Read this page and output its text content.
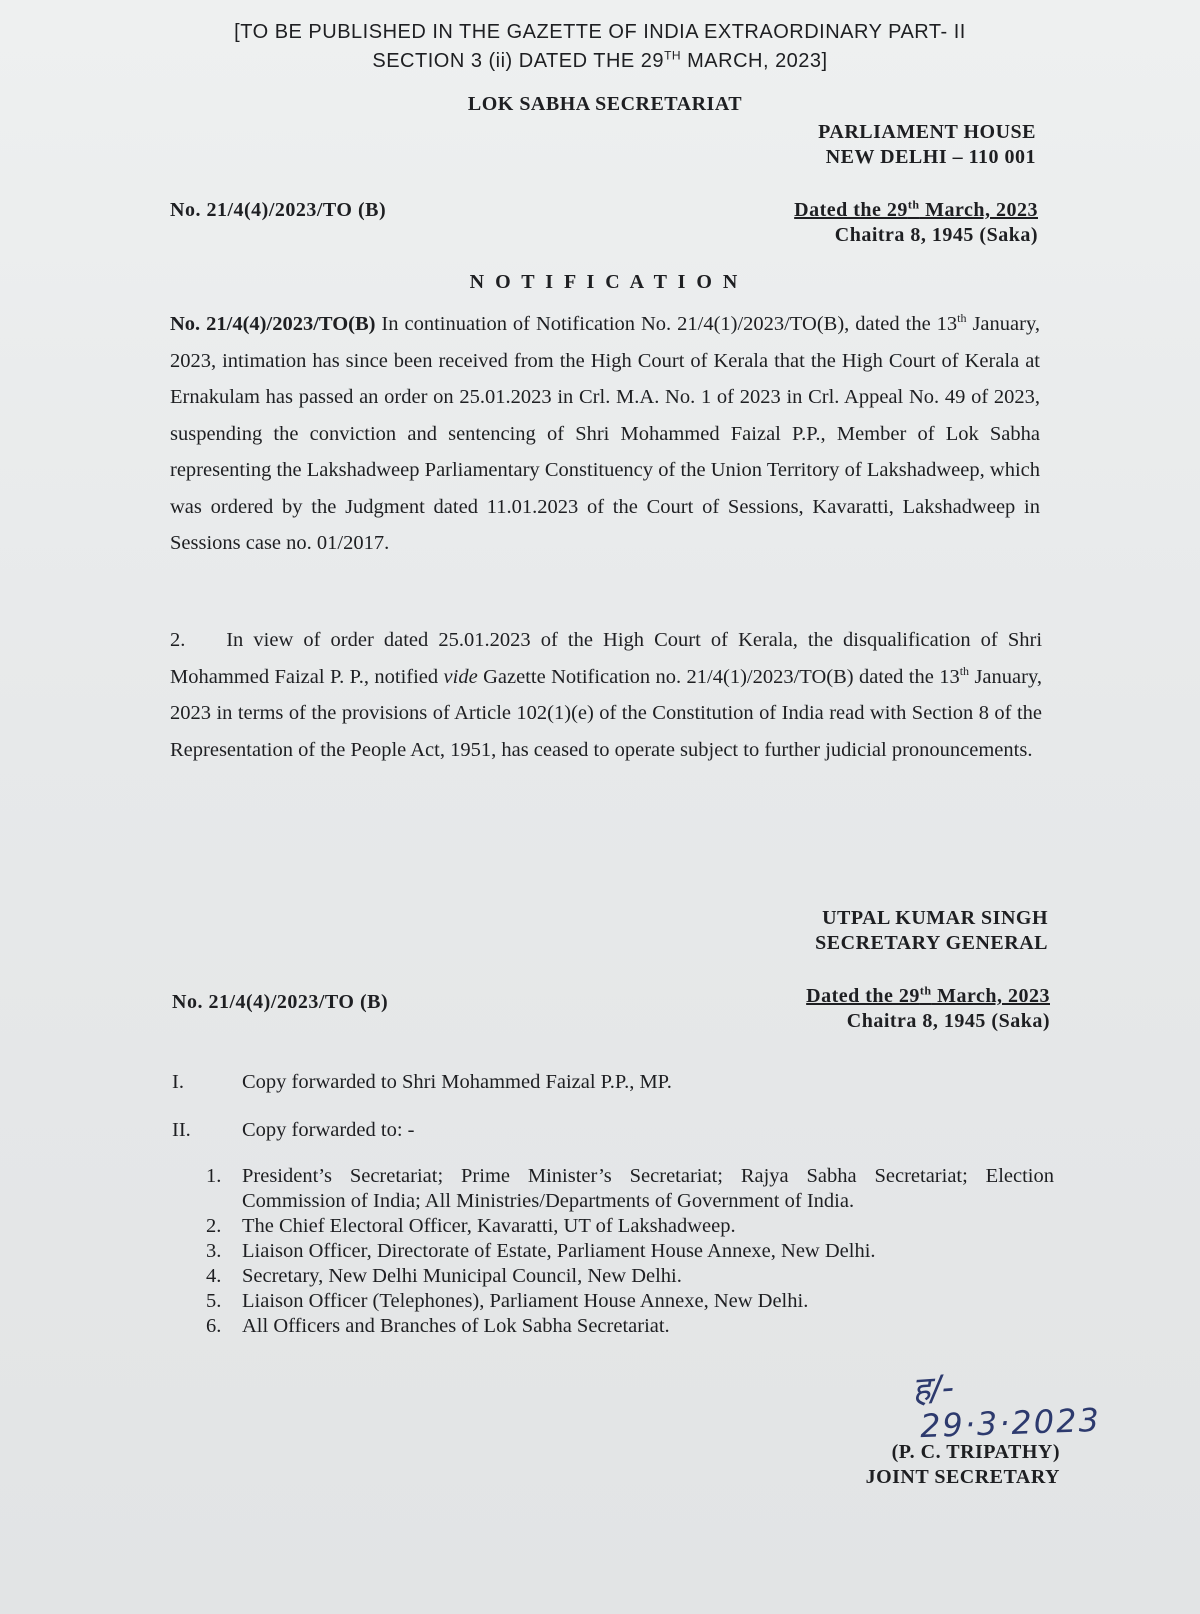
[TO BE PUBLISHED IN THE GAZETTE OF INDIA EXTRAORDINARY PART- II
SECTION 3 (ii) DATED THE 29TH MARCH, 2023]
LOK SABHA SECRETARIAT
PARLIAMENT HOUSE
NEW DELHI – 110 001
No. 21/4(4)/2023/TO (B)	Dated the 29th March, 2023
Chaitra 8, 1945 (Saka)
N O T I F I C A T I O N
No. 21/4(4)/2023/TO(B) In continuation of Notification No. 21/4(1)/2023/TO(B), dated the 13th January, 2023, intimation has since been received from the High Court of Kerala that the High Court of Kerala at Ernakulam has passed an order on 25.01.2023 in Crl. M.A. No. 1 of 2023 in Crl. Appeal No. 49 of 2023, suspending the conviction and sentencing of Shri Mohammed Faizal P.P., Member of Lok Sabha representing the Lakshadweep Parliamentary Constituency of the Union Territory of Lakshadweep, which was ordered by the Judgment dated 11.01.2023 of the Court of Sessions, Kavaratti, Lakshadweep in Sessions case no. 01/2017.
2.   In view of order dated 25.01.2023 of the High Court of Kerala, the disqualification of Shri Mohammed Faizal P. P., notified vide Gazette Notification no. 21/4(1)/2023/TO(B) dated the 13th January, 2023 in terms of the provisions of Article 102(1)(e) of the Constitution of India read with Section 8 of the Representation of the People Act, 1951, has ceased to operate subject to further judicial pronouncements.
UTPAL KUMAR SINGH
SECRETARY GENERAL
No. 21/4(4)/2023/TO (B)	Dated the 29th March, 2023
Chaitra 8, 1945 (Saka)
I.	Copy forwarded to Shri Mohammed Faizal P.P., MP.
II. Copy forwarded to: -
1. President’s Secretariat; Prime Minister’s Secretariat; Rajya Sabha Secretariat; Election Commission of India; All Ministries/Departments of Government of India.
2. The Chief Electoral Officer, Kavaratti, UT of Lakshadweep.
3. Liaison Officer, Directorate of Estate, Parliament House Annexe, New Delhi.
4. Secretary, New Delhi Municipal Council, New Delhi.
5. Liaison Officer (Telephones), Parliament House Annexe, New Delhi.
6. All Officers and Branches of Lok Sabha Secretariat.
ह/-
29·3·2023
(P. C. TRIPATHY)
JOINT SECRETARY
